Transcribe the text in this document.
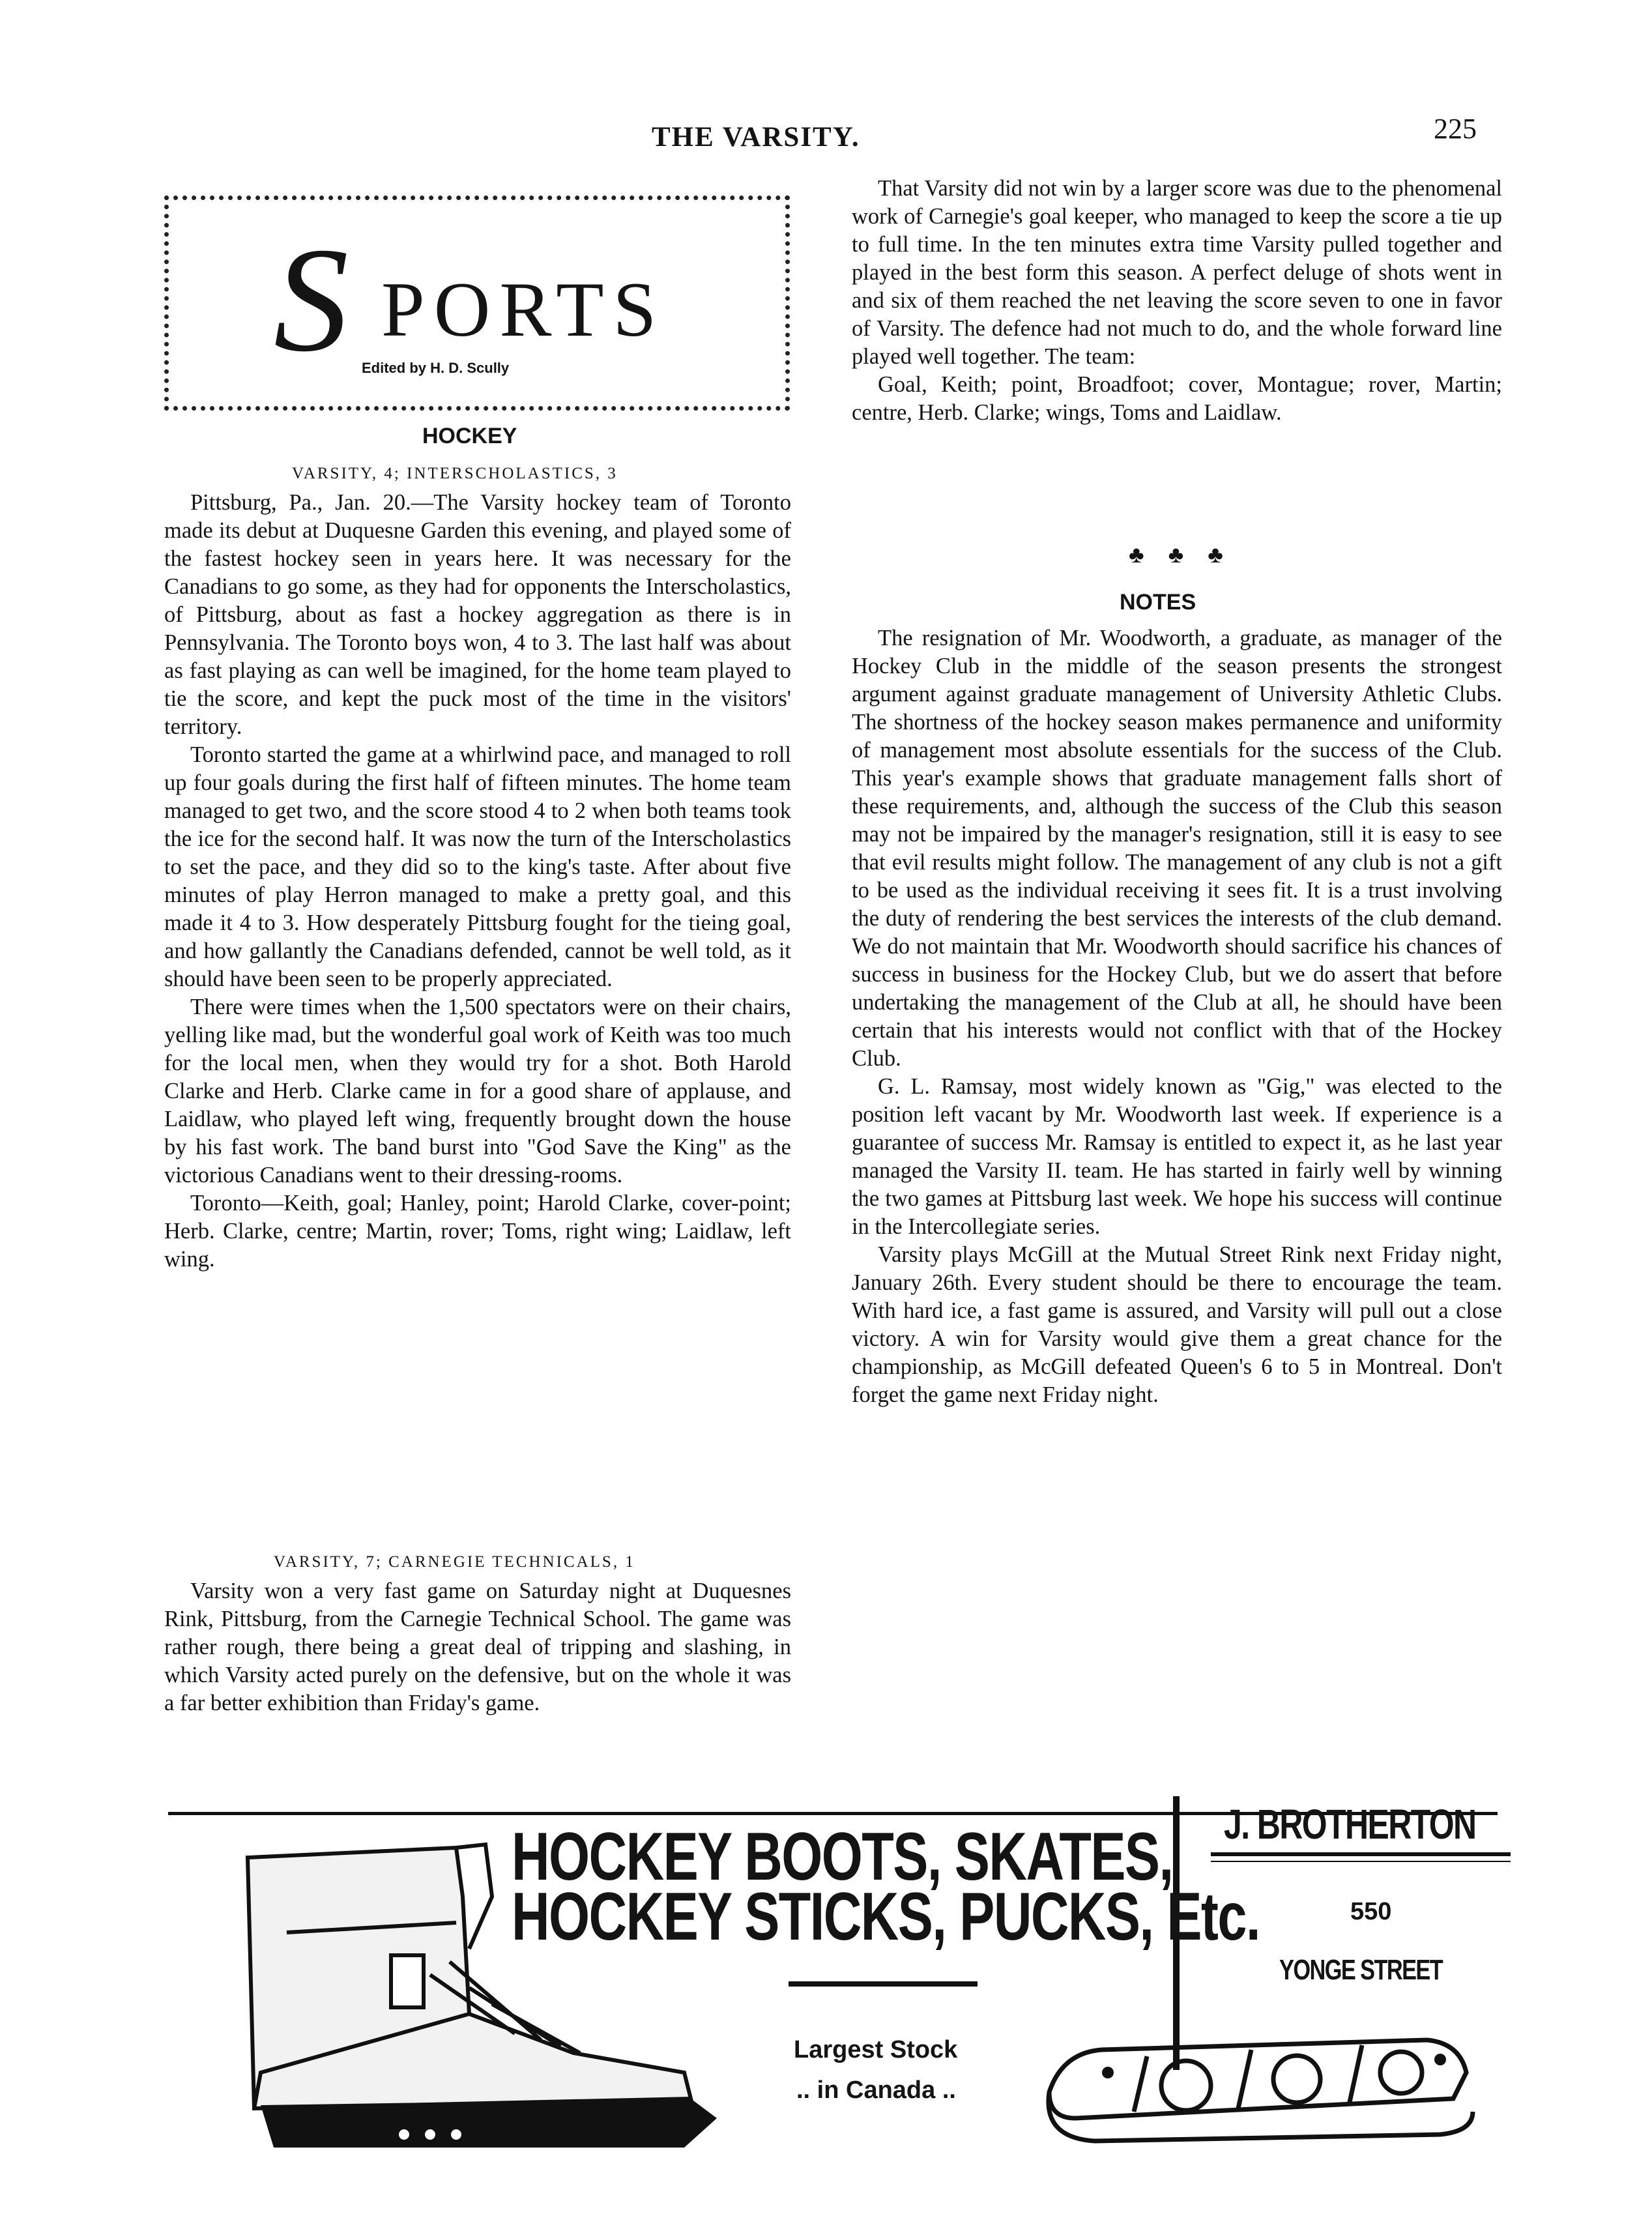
THE VARSITY.	225
S PORTS
Edited by H. D. Scully
HOCKEY
VARSITY, 4; INTERSCHOLASTICS, 3

Pittsburg, Pa., Jan. 20.—The Varsity hockey team of Toronto made its debut at Duquesne Garden this evening, and played some of the fastest hockey seen in years here. It was necessary for the Canadians to go some, as they had for opponents the Interscholastics, of Pittsburg, about as fast a hockey aggregation as there is in Pennsylvania. The Toronto boys won, 4 to 3. The last half was about as fast playing as can well be imagined, for the home team played to tie the score, and kept the puck most of the time in the visitors' territory.

Toronto started the game at a whirlwind pace, and managed to roll up four goals during the first half of fifteen minutes. The home team managed to get two, and the score stood 4 to 2 when both teams took the ice for the second half. It was now the turn of the Interscholastics to set the pace, and they did so to the king's taste. After about five minutes of play Herron managed to make a pretty goal, and this made it 4 to 3. How desperately Pittsburg fought for the tieing goal, and how gallantly the Canadians defended, cannot be well told, as it should have been seen to be properly appreciated.

There were times when the 1,500 spectators were on their chairs, yelling like mad, but the wonderful goal work of Keith was too much for the local men, when they would try for a shot. Both Harold Clarke and Herb. Clarke came in for a good share of applause, and Laidlaw, who played left wing, frequently brought down the house by his fast work. The band burst into "God Save the King" as the victorious Canadians went to their dressing-rooms.

Toronto—Keith, goal; Hanley, point; Harold Clarke, cover-point; Herb. Clarke, centre; Martin, rover; Toms, right wing; Laidlaw, left wing.

VARSITY, 7; CARNEGIE TECHNICALS, 1

Varsity won a very fast game on Saturday night at Duquesnes Rink, Pittsburg, from the Carnegie Technical School. The game was rather rough, there being a great deal of tripping and slashing, in which Varsity acted purely on the defensive, but on the whole it was a far better exhibition than Friday's game.

That Varsity did not win by a larger score was due to the phenomenal work of Carnegie's goal keeper, who managed to keep the score a tie up to full time. In the ten minutes extra time Varsity pulled together and played in the best form this season. A perfect deluge of shots went in and six of them reached the net leaving the score seven to one in favor of Varsity. The defence had not much to do, and the whole forward line played well together. The team:

Goal, Keith; point, Broadfoot; cover, Montague; rover, Martin; centre, Herb. Clarke; wings, Toms and Laidlaw.

♣ ♣ ♣
NOTES

The resignation of Mr. Woodworth, a graduate, as manager of the Hockey Club in the middle of the season presents the strongest argument against graduate management of University Athletic Clubs. The shortness of the hockey season makes permanence and uniformity of management most absolute essentials for the success of the Club. This year's example shows that graduate management falls short of these requirements, and, although the success of the Club this season may not be impaired by the manager's resignation, still it is easy to see that evil results might follow. The management of any club is not a gift to be used as the individual receiving it sees fit. It is a trust involving the duty of rendering the best services the interests of the club demand. We do not maintain that Mr. Woodworth should sacrifice his chances of success in business for the Hockey Club, but we do assert that before undertaking the management of the Club at all, he should have been certain that his interests would not conflict with that of the Hockey Club.

G. L. Ramsay, most widely known as "Gig," was elected to the position left vacant by Mr. Woodworth last week. If experience is a guarantee of success Mr. Ramsay is entitled to expect it, as he last year managed the Varsity II. team. He has started in fairly well by winning the two games at Pittsburg last week. We hope his success will continue in the Intercollegiate series.

Varsity plays McGill at the Mutual Street Rink next Friday night, January 26th. Every student should be there to encourage the team. With hard ice, a fast game is assured, and Varsity will pull out a close victory. A win for Varsity would give them a great chance for the championship, as McGill defeated Queen's 6 to 5 in Montreal. Don't forget the game next Friday night.

HOCKEY BOOTS, SKATES,
HOCKEY STICKS, PUCKS, Etc.
Largest Stock
.. in Canada ..
J. BROTHERTON
550
YONGE STREET
